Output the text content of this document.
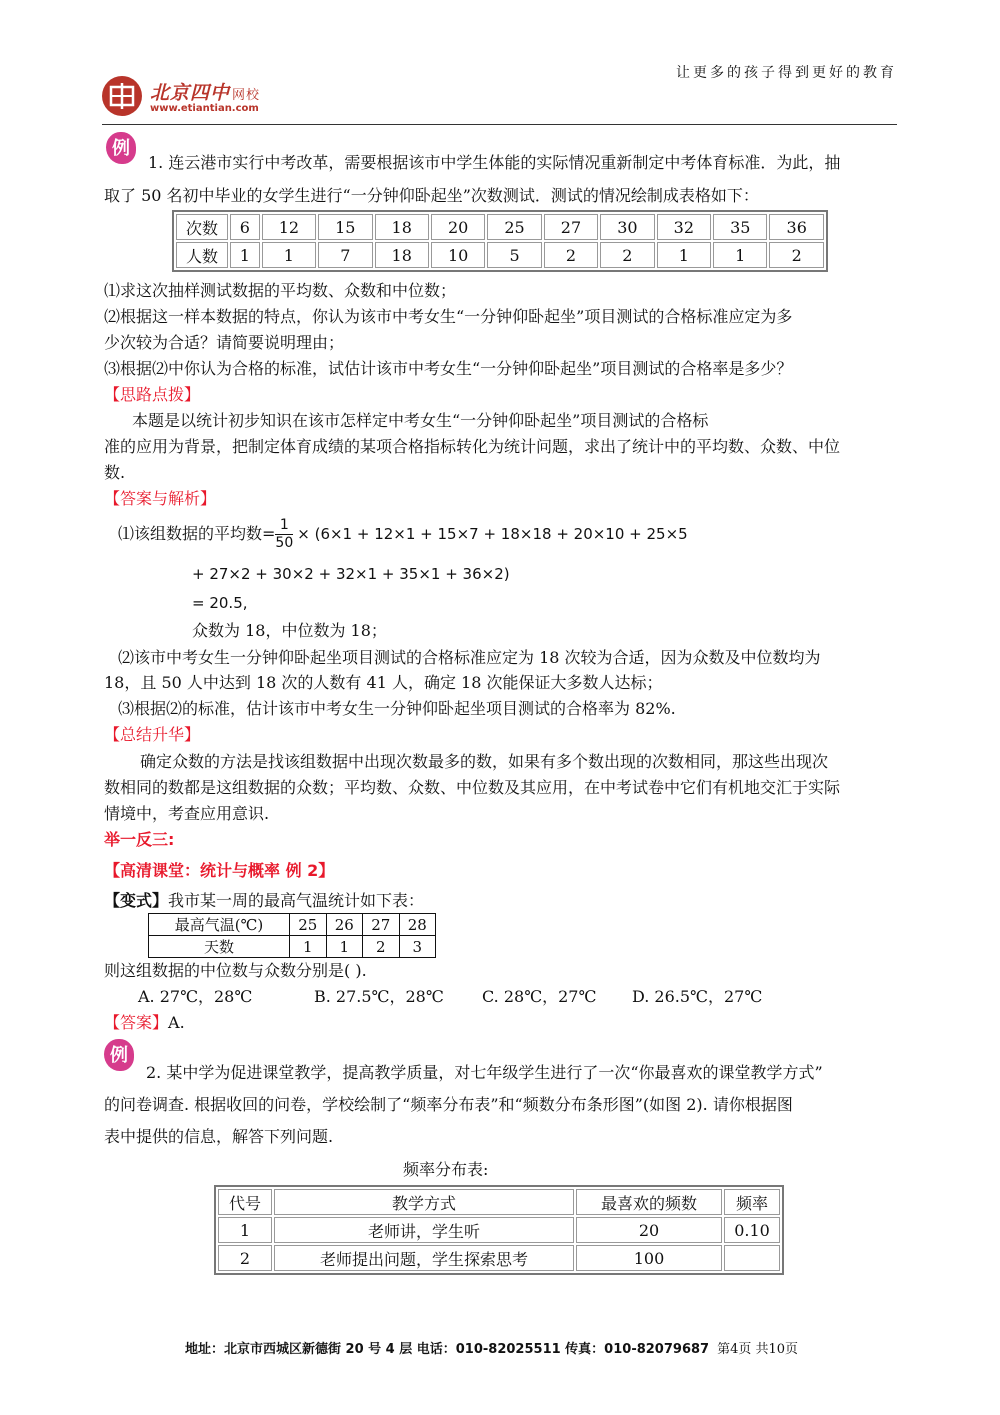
让更多的孩子得到更好的教育
北京四中 网校
www.etiantian.com
例
1. 连云港市实行中考改革，需要根据该市中学生体能的实际情况重新制定中考体育标准．为此，抽
取了 50 名初中毕业的女学生进行“一分钟仰卧起坐”次数测试．测试的情况绘制成表格如下：
次数	6	12	15	18	20	25	27	30	32	35	36
人数	1	1	7	18	10	5	2	2	1	1	2
⑴求这次抽样测试数据的平均数、众数和中位数；
⑵根据这一样本数据的特点，你认为该市中考女生“一分钟仰卧起坐”项目测试的合格标准应定为多
少次较为合适？请简要说明理由；
⑶根据⑵中你认为合格的标准，试估计该市中考女生“一分钟仰卧起坐”项目测试的合格率是多少？
【思路点拨】
本题是以统计初步知识在该市怎样定中考女生“一分钟仰卧起坐”项目测试的合格标
准的应用为背景，把制定体育成绩的某项合格指标转化为统计问题，求出了统计中的平均数、众数、中位
数.
【答案与解析】
⑴该组数据的平均数= $\frac{1}{50} \times (6\times 1 + 12\times 1 + 15\times 7 + 18\times 18 + 20\times 10 + 25\times 5$
+ 27×2 + 30×2 + 32×1 + 35×1 + 36×2)
= 20.5,
众数为 18，中位数为 18；
⑵该市中考女生一分钟仰卧起坐项目测试的合格标准应定为 18 次较为合适，因为众数及中位数均为
18，且 50 人中达到 18 次的人数有 41 人，确定 18 次能保证大多数人达标；
⑶根据⑵的标准，估计该市中考女生一分钟仰卧起坐项目测试的合格率为 82%.
【总结升华】
确定众数的方法是找该组数据中出现次数最多的数，如果有多个数出现的次数相同，那这些出现次
数相同的数都是这组数据的众数；平均数、众数、中位数及其应用，在中考试卷中它们有机地交汇于实际
情境中，考查应用意识.
举一反三:
【高清课堂：统计与概率 例 2】
【变式】我市某一周的最高气温统计如下表：
最高气温(℃)	25	26	27	28
天数	1	1	2	3
则这组数据的中位数与众数分别是( ).
A. 27℃，28℃	B. 27.5℃，28℃	C. 28℃，27℃	D. 26.5℃，27℃
【答案】A.
例
2. 某中学为促进课堂教学，提高教学质量，对七年级学生进行了一次“你最喜欢的课堂教学方式”
的问卷调查. 根据收回的问卷，学校绘制了“频率分布表”和“频数分布条形图”(如图 2). 请你根据图
表中提供的信息，解答下列问题.
频率分布表:
代号	教学方式	最喜欢的频数	频率
1	老师讲，学生听	20	0.10
2	老师提出问题，学生探索思考	100	
地址：北京市西城区新德街 20 号 4 层 电话：010-82025511 传真：010-82079687 第4页 共10页
